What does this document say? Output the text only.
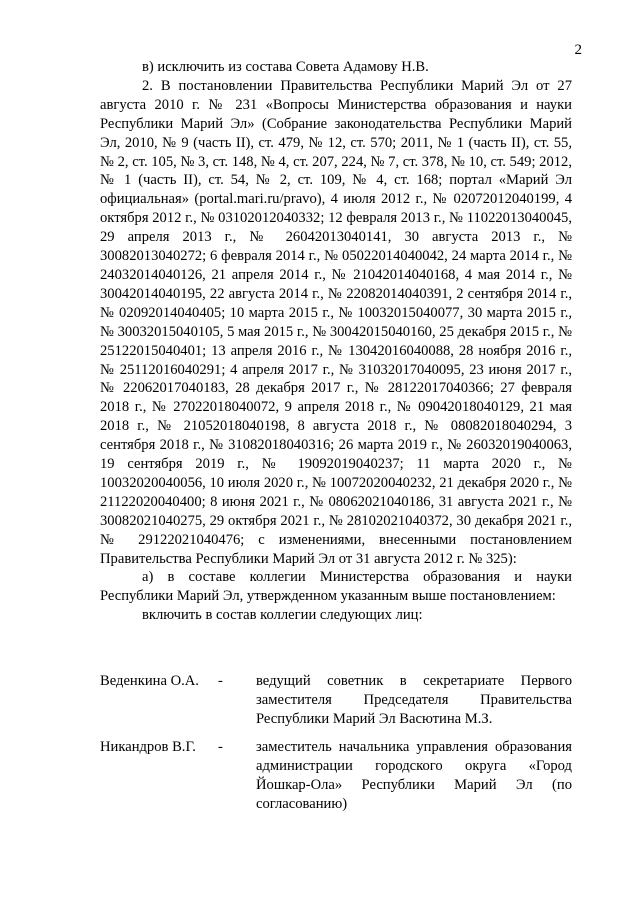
2

в) исключить из состава Совета Адамову Н.В.

2. В постановлении Правительства Республики Марий Эл от 27 августа 2010 г. № 231 «Вопросы Министерства образования и науки Республики Марий Эл» (Собрание законодательства Республики Марий Эл, 2010, № 9 (часть II), ст. 479, № 12, ст. 570; 2011, № 1 (часть II), ст. 55, № 2, ст. 105, № 3, ст. 148, № 4, ст. 207, 224, № 7, ст. 378, № 10, ст. 549; 2012, № 1 (часть II), ст. 54, № 2, ст. 109, № 4, ст. 168; портал «Марий Эл официальная» (portal.mari.ru/pravo), 4 июля 2012 г., № 02072012040199, 4 октября 2012 г., № 03102012040332; 12 февраля 2013 г., № 11022013040045, 29 апреля 2013 г., № 26042013040141, 30 августа 2013 г., № 30082013040272; 6 февраля 2014 г., № 05022014040042, 24 марта 2014 г., № 24032014040126, 21 апреля 2014 г., № 21042014040168, 4 мая 2014 г., № 30042014040195, 22 августа 2014 г., № 22082014040391, 2 сентября 2014 г., № 02092014040405; 10 марта 2015 г., № 10032015040077, 30 марта 2015 г., № 30032015040105, 5 мая 2015 г., № 30042015040160, 25 декабря 2015 г., № 25122015040401; 13 апреля 2016 г., № 13042016040088, 28 ноября 2016 г., № 25112016040291; 4 апреля 2017 г., № 31032017040095, 23 июня 2017 г., № 22062017040183, 28 декабря 2017 г., № 28122017040366; 27 февраля 2018 г., № 27022018040072, 9 апреля 2018 г., № 09042018040129, 21 мая 2018 г., № 21052018040198, 8 августа 2018 г., № 08082018040294, 3 сентября 2018 г., № 31082018040316; 26 марта 2019 г., № 26032019040063, 19 сентября 2019 г., № 19092019040237; 11 марта 2020 г., № 10032020040056, 10 июля 2020 г., № 10072020040232, 21 декабря 2020 г., № 21122020040400; 8 июня 2021 г., № 08062021040186, 31 августа 2021 г., № 30082021040275, 29 октября 2021 г., № 28102021040372, 30 декабря 2021 г., № 29122021040476; с изменениями, внесенными постановлением Правительства Республики Марий Эл от 31 августа 2012 г. № 325):

а) в составе коллегии Министерства образования и науки Республики Марий Эл, утвержденном указанным выше постановлением:

включить в состав коллегии следующих лиц:

Веденкина О.А. - ведущий советник в секретариате Первого заместителя Председателя Правительства Республики Марий Эл Васютина М.З.
Никандров В.Г. - заместитель начальника управления образования администрации городского округа «Город Йошкар-Ола» Республики Марий Эл (по согласованию)
